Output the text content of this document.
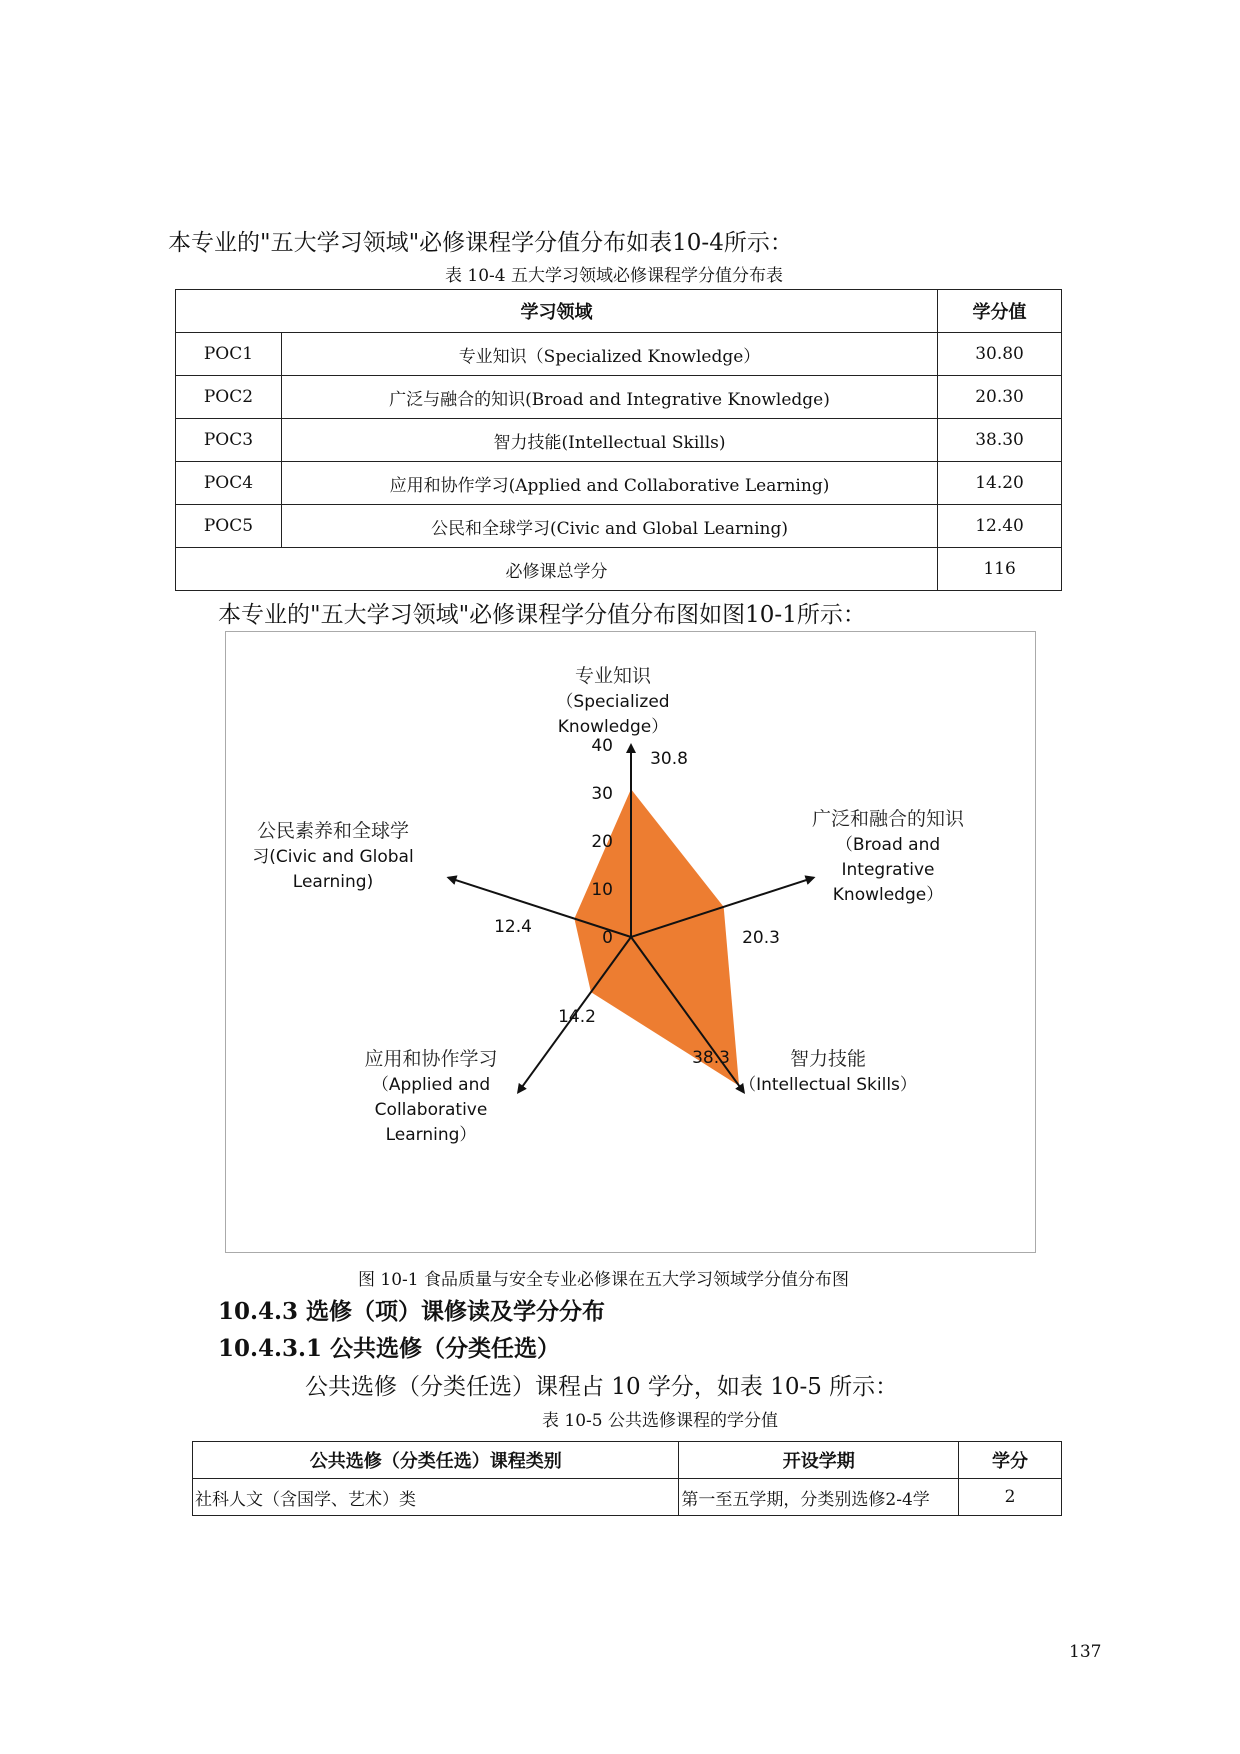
本专业的"五大学习领域"必修课程学分值分布如表10-4所示：
表 10-4 五大学习领域必修课程学分值分布表
学习领域		学分值
POC1	专业知识（Specialized Knowledge）	30.80
POC2	广泛与融合的知识(Broad and Integrative Knowledge)	20.30
POC3	智力技能(Intellectual Skills)	38.30
POC4	应用和协作学习(Applied and Collaborative Learning)	14.20
POC5	公民和全球学习(Civic and Global Learning)	12.40
必修课总学分		116
本专业的"五大学习领域"必修课程学分值分布图如图10-1所示：
0
10
20
30
40
30.8
20.3
38.3
14.2
12.4
专业知识
（Specialized
Knowledge）
广泛和融合的知识
（Broad and
Integrative
Knowledge）
智力技能
（Intellectual Skills）
应用和协作学习
（Applied and
Collaborative
Learning）
公民素养和全球学
习(Civic and Global
Learning)
图 10-1 食品质量与安全专业必修课在五大学习领域学分值分布图
10.4.3 选修（项）课修读及学分分布
10.4.3.1 公共选修（分类任选）
公共选修（分类任选）课程占 10 学分，如表 10-5 所示：
表 10-5 公共选修课程的学分值
公共选修（分类任选）课程类别	开设学期	学分
社科人文（含国学、艺术）类	第一至五学期，分类别选修2-4学	2
137
